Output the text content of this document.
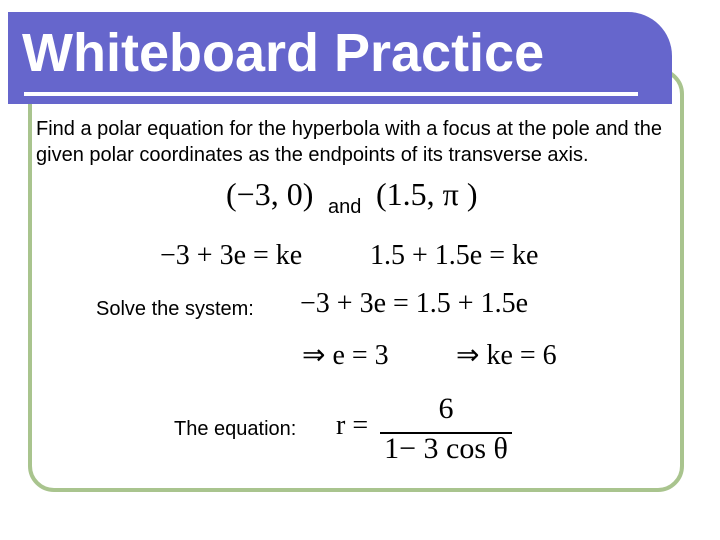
Whiteboard Practice
Find a polar equation for the hyperbola with a focus at the pole and the given polar coordinates as the endpoints of its transverse axis.
(−3, 0) and (1.5, π )
−3 + 3e = ke 1.5 + 1.5e = ke
Solve the system: −3 + 3e = 1.5 + 1.5e
⇒ e = 3 ⇒ ke = 6
The equation: r =
6
1− 3 cos θ
